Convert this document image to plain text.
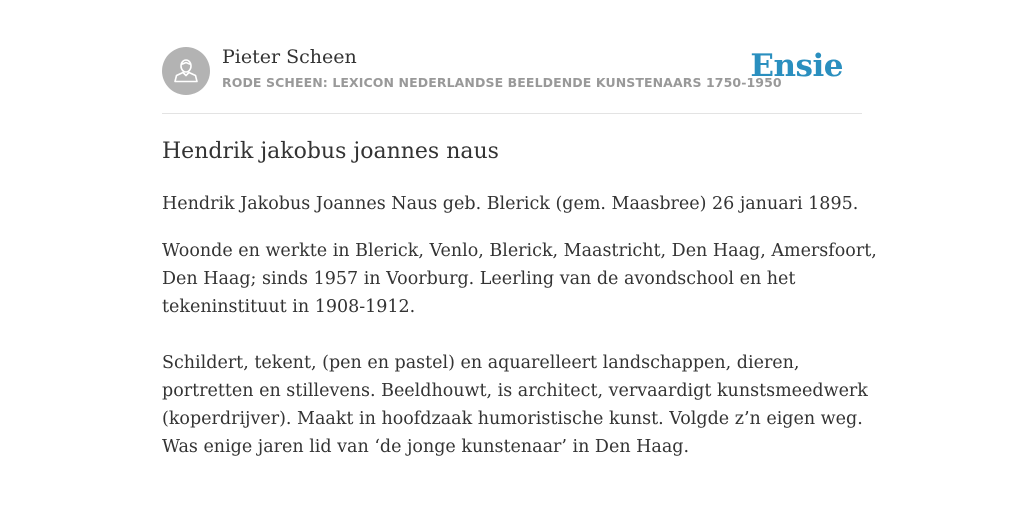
Pieter Scheen
RODE SCHEEN: LEXICON NEDERLANDSE BEELDENDE KUNSTENAARS 1750-1950
Ensie
Hendrik jakobus joannes naus

Hendrik Jakobus Joannes Naus geb. Blerick (gem. Maasbree) 26 januari 1895.

Woonde en werkte in Blerick, Venlo, Blerick, Maastricht, Den Haag, Amersfoort,
Den Haag; sinds 1957 in Voorburg. Leerling van de avondschool en het
tekeninstituut in 1908-1912.
Schildert, tekent, (pen en pastel) en aquarelleert landschappen, dieren,
portretten en stillevens. Beeldhouwt, is architect, vervaardigt kunstsmeedwerk
(koperdrijver). Maakt in hoofdzaak humoristische kunst. Volgde z’n eigen weg.
Was enige jaren lid van ‘de jonge kunstenaar’ in Den Haag.
